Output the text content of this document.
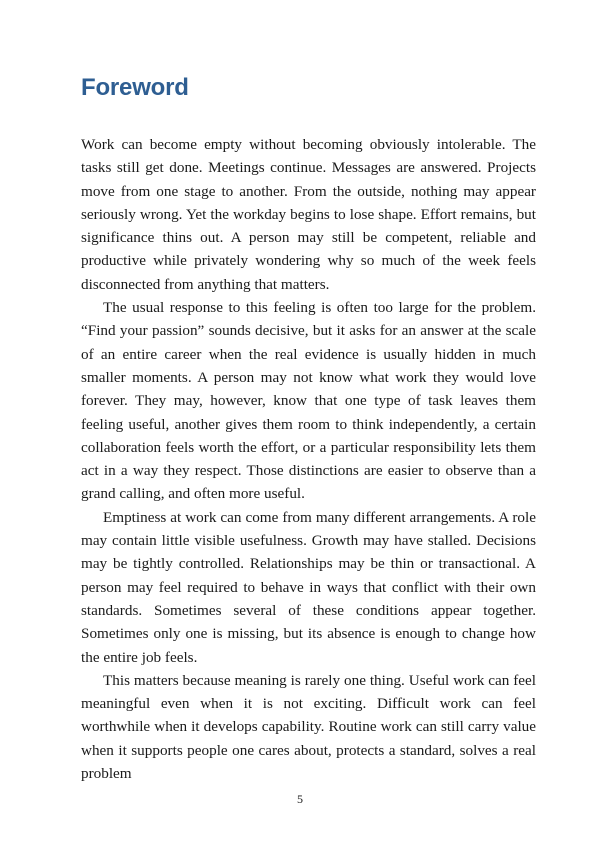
Foreword

Work can become empty without becoming obviously intolerable. The tasks still get done. Meetings continue. Messages are answered. Projects move from one stage to another. From the outside, nothing may appear seriously wrong. Yet the workday begins to lose shape. Effort remains, but significance thins out. A person may still be competent, reliable and productive while privately wondering why so much of the week feels disconnected from anything that matters.

The usual response to this feeling is often too large for the problem. “Find your passion” sounds decisive, but it asks for an answer at the scale of an entire career when the real evidence is usually hidden in much smaller moments. A person may not know what work they would love forever. They may, however, know that one type of task leaves them feeling useful, another gives them room to think independently, a certain collaboration feels worth the effort, or a particular responsibility lets them act in a way they respect. Those distinctions are easier to observe than a grand calling, and often more useful.

Emptiness at work can come from many different arrangements. A role may contain little visible usefulness. Growth may have stalled. Decisions may be tightly controlled. Relationships may be thin or transactional. A person may feel required to behave in ways that conflict with their own standards. Sometimes several of these conditions appear together. Sometimes only one is missing, but its absence is enough to change how the entire job feels.

This matters because meaning is rarely one thing. Useful work can feel meaningful even when it is not exciting. Difficult work can feel worthwhile when it develops capability. Routine work can still carry value when it supports people one cares about, protects a standard, solves a real problem

5
